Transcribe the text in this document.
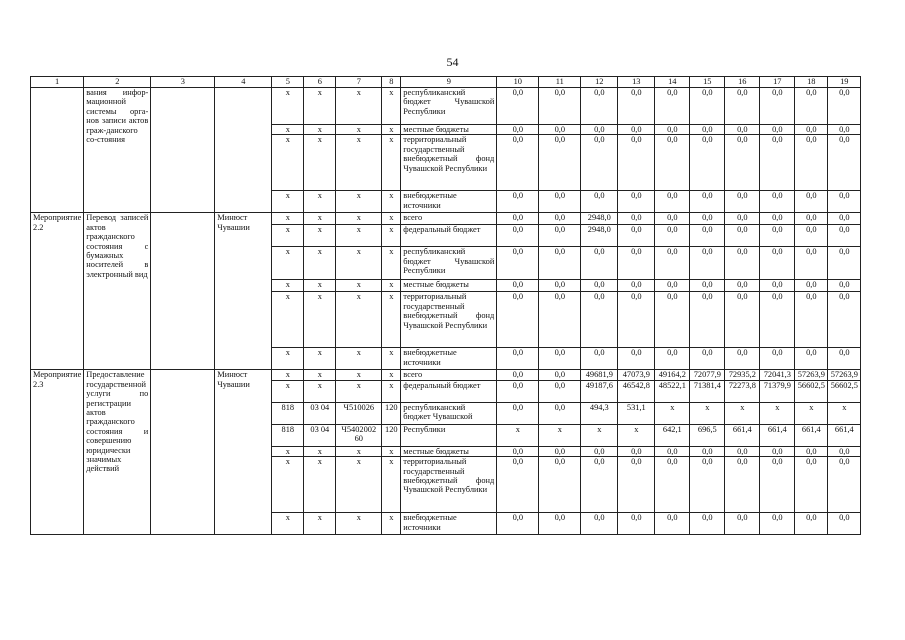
54
1	2	3	4	5	6	7	8	9	10	11	12	13	14	15	16	17	18	19
	вания инфор-мационной системы орга-нов записи актов граж-данского со-стояния			x	x	x	x	республиканский бюджет Чувашской Республики	0,0	0,0	0,0	0,0	0,0	0,0	0,0	0,0	0,0	0,0
				x	x	x	x	местные бюджеты	0,0	0,0	0,0	0,0	0,0	0,0	0,0	0,0	0,0	0,0
				x	x	x	x	территориальный государственный внебюджетный фонд Чувашской Республики	0,0	0,0	0,0	0,0	0,0	0,0	0,0	0,0	0,0	0,0
				x	x	x	x	внебюджетные источники	0,0	0,0	0,0	0,0	0,0	0,0	0,0	0,0	0,0	0,0
Мероприятие 2.2	Перевод записей актов гражданского состояния с бумажных носителей в электронный вид		Минюст Чувашии	x	x	x	x	всего	0,0	0,0	2948,0	0,0	0,0	0,0	0,0	0,0	0,0	0,0
				x	x	x	x	федеральный бюджет	0,0	0,0	2948,0	0,0	0,0	0,0	0,0	0,0	0,0	0,0
				x	x	x	x	республиканский бюджет Чувашской Республики	0,0	0,0	0,0	0,0	0,0	0,0	0,0	0,0	0,0	0,0
				x	x	x	x	местные бюджеты	0,0	0,0	0,0	0,0	0,0	0,0	0,0	0,0	0,0	0,0
				x	x	x	x	территориальный государственный внебюджетный фонд Чувашской Республики	0,0	0,0	0,0	0,0	0,0	0,0	0,0	0,0	0,0	0,0
				x	x	x	x	внебюджетные источники	0,0	0,0	0,0	0,0	0,0	0,0	0,0	0,0	0,0	0,0
Мероприятие 2.3	Предоставление государственной услуги по регистрации актов гражданского состояния и совершению юридически значимых действий		Минюст Чувашии	x	x	x	x	всего	0,0	0,0	49681,9	47073,9	49164,2	72077,9	72935,2	72041,3	57263,9	57263,9
				x	x	x	x	федеральный бюджет	0,0	0,0	49187,6	46542,8	48522,1	71381,4	72273,8	71379,9	56602,5	56602,5
				818	03 04	Ч510026	120	республиканский бюджет Чувашской	0,0	0,0	494,3	531,1	x	x	x	x	x	x
				818	03 04	Ч5402002 60	120	Республики	x	x	x	x	642,1	696,5	661,4	661,4	661,4	661,4
				x	x	x	x	местные бюджеты	0,0	0,0	0,0	0,0	0,0	0,0	0,0	0,0	0,0	0,0
				x	x	x	x	территориальный государственный внебюджетный фонд Чувашской Республики	0,0	0,0	0,0	0,0	0,0	0,0	0,0	0,0	0,0	0,0
				x	x	x	x	внебюджетные источники	0,0	0,0	0,0	0,0	0,0	0,0	0,0	0,0	0,0	0,0
